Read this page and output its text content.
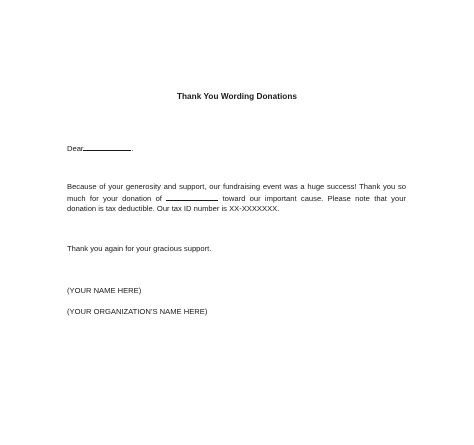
Thank You Wording Donations
Dear	.
Because of your generosity and support, our fundraising event was a huge success! Thank you so
much for your donation of	toward our important cause. Please note that your
donation is tax deductible. Our tax ID number is XX-XXXXXXX.
Thank you again for your gracious support.
(YOUR NAME HERE)
(YOUR ORGANIZATION’S NAME HERE)
